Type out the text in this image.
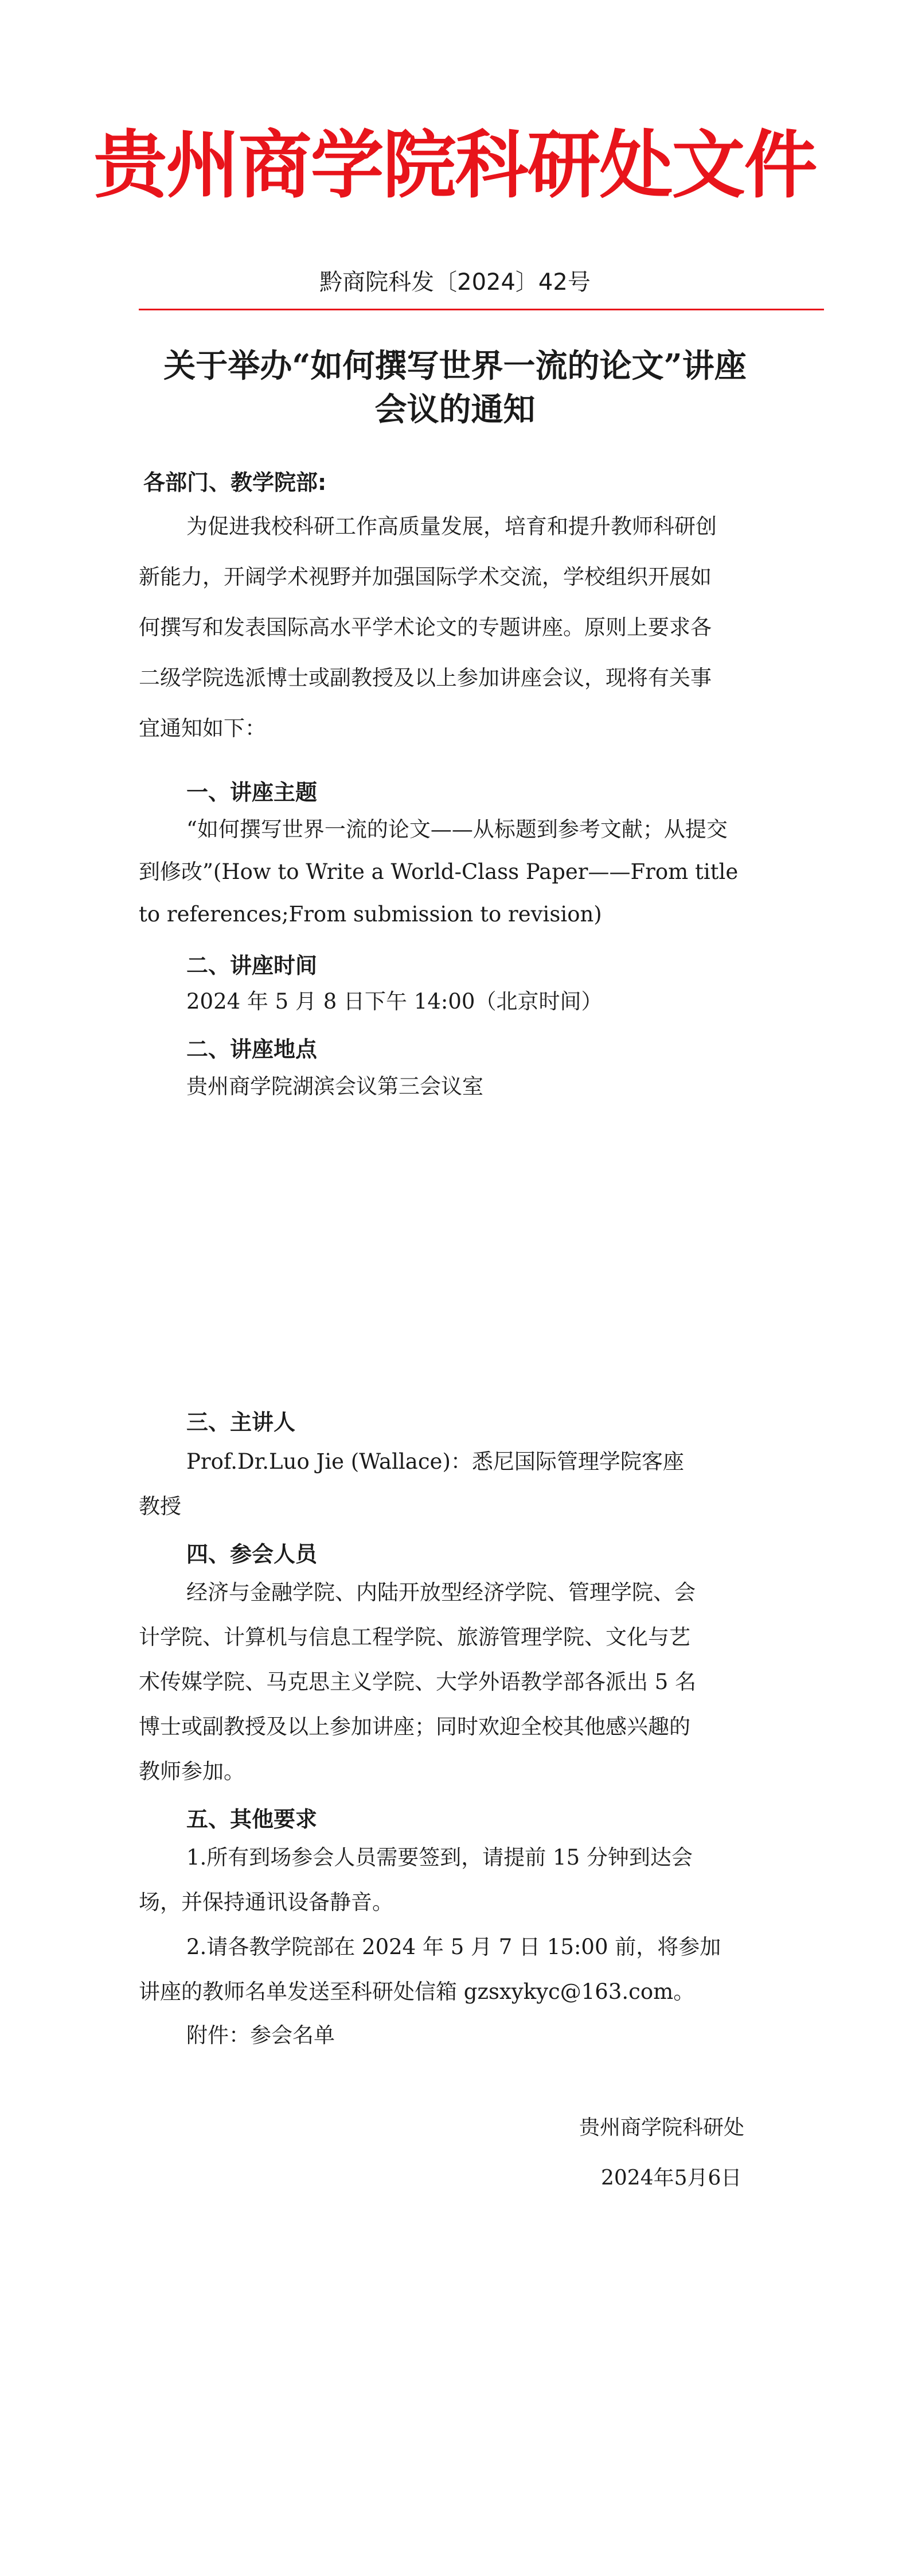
贵州商学院科研处文件
黔商院科发〔2024〕42号
关于举办“如何撰写世界一流的论文”讲座
会议的通知
各部门、教学院部:
为促进我校科研工作高质量发展，培育和提升教师科研创
新能力，开阔学术视野并加强国际学术交流，学校组织开展如
何撰写和发表国际高水平学术论文的专题讲座。原则上要求各
二级学院选派博士或副教授及以上参加讲座会议，现将有关事
宜通知如下：
一、讲座主题
“如何撰写世界一流的论文——从标题到参考文献；从提交
到修改”(How to Write a World-Class Paper——From title
to references;From submission to revision)
二、讲座时间
2024 年 5 月 8 日下午 14:00（北京时间）
二、讲座地点
贵州商学院湖滨会议第三会议室
三、主讲人
Prof.Dr.Luo Jie (Wallace)：悉尼国际管理学院客座
教授
四、参会人员
经济与金融学院、内陆开放型经济学院、管理学院、会
计学院、计算机与信息工程学院、旅游管理学院、文化与艺
术传媒学院、马克思主义学院、大学外语教学部各派出 5 名
博士或副教授及以上参加讲座；同时欢迎全校其他感兴趣的
教师参加。
五、其他要求
1.所有到场参会人员需要签到，请提前 15 分钟到达会
场，并保持通讯设备静音。
2.请各教学院部在 2024 年 5 月 7 日 15:00 前，将参加
讲座的教师名单发送至科研处信箱 gzsxykyc@163.com。
附件：参会名单
贵州商学院科研处
2024年5月6日
